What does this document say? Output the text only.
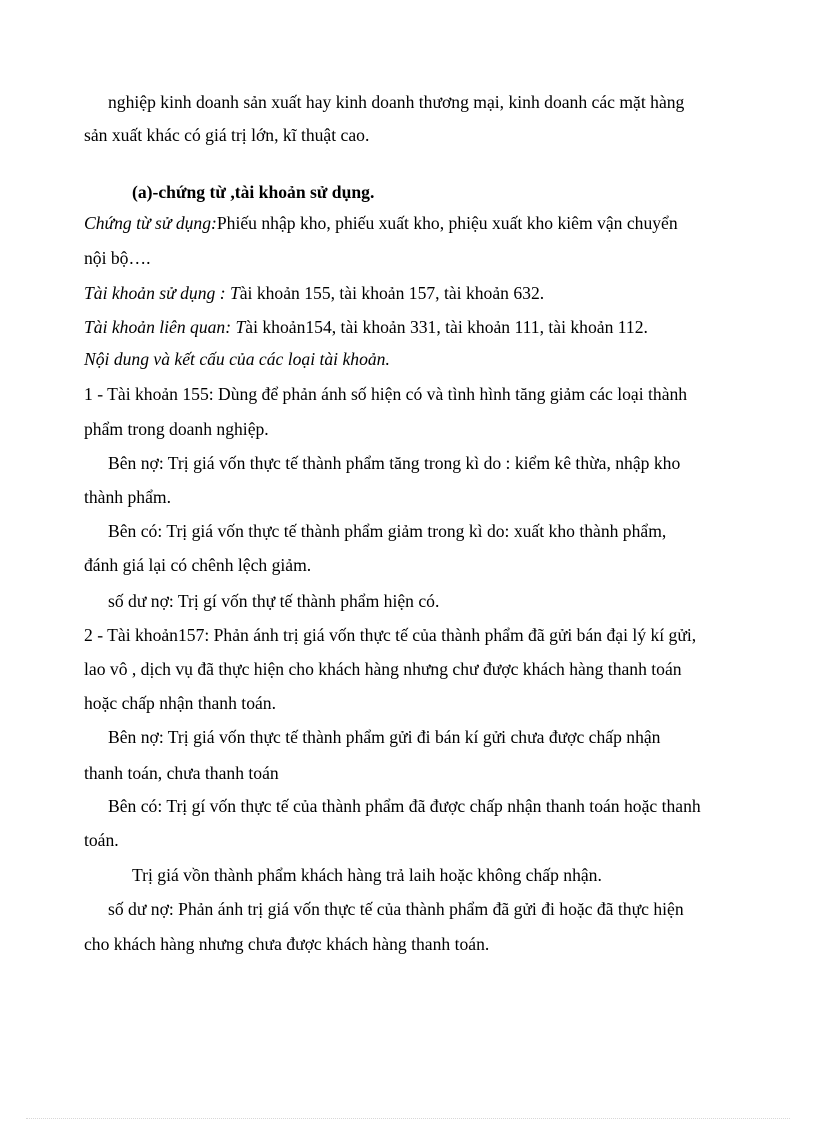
nghiệp kinh doanh sản xuất hay kinh doanh thương mại, kinh doanh các mặt hàng
sản xuất khác có giá trị lớn, kĩ thuật cao.
(a)-chứng từ ,tài khoản sử dụng.
Chứng từ sử dụng:Phiếu nhập kho, phiếu xuất kho, phiệu xuất kho kiêm vận chuyển
nội bộ….
Tài khoản sử dụng : Tài khoản 155, tài khoản 157, tài khoản 632.
Tài khoản liên quan: Tài khoản154, tài khoản 331, tài khoản 111, tài khoản 112.
Nội dung và kết cấu của các loại tài khoản.
1 - Tài khoản 155: Dùng để phản ánh số hiện có và tình hình tăng giảm các loại thành
phẩm trong doanh nghiệp.
Bên nợ: Trị giá vốn thực tế thành phẩm tăng trong kì do : kiểm kê thừa, nhập kho
thành phẩm.
Bên có: Trị giá vốn thực tế thành phẩm giảm trong kì do: xuất kho thành phẩm,
đánh giá lại có chênh lệch giảm.
số dư nợ: Trị gí vốn thự tế thành phẩm hiện có.
2 - Tài khoản157: Phản ánh trị giá vốn thực tế của thành phẩm đã gửi bán đại lý kí gửi,
lao vô , dịch vụ đã thực hiện cho khách hàng nhưng chư được khách hàng thanh toán
hoặc chấp nhận thanh toán.
Bên nợ: Trị giá vốn thực tế thành phẩm gửi đi bán kí gửi chưa được chấp nhận
thanh toán, chưa thanh toán
Bên có: Trị gí vốn thực tế của thành phẩm đã được chấp nhận thanh toán hoặc thanh
toán.
Trị giá vồn thành phẩm khách hàng trả laih hoặc không chấp nhận.
số dư nợ: Phản ánh trị giá vốn thực tế của thành phẩm đã gửi đi hoặc đã thực hiện
cho khách hàng nhưng chưa được khách hàng thanh toán.
